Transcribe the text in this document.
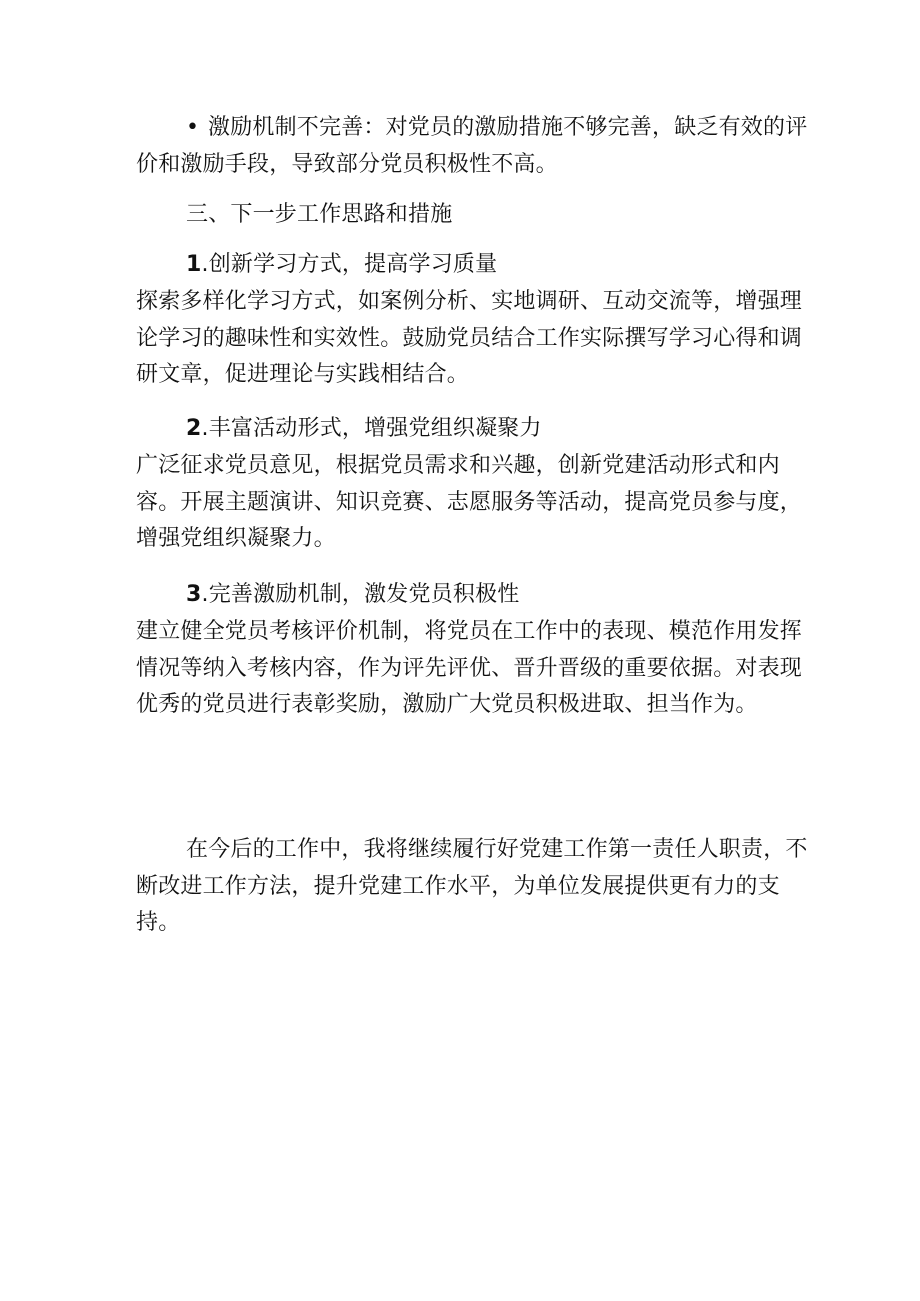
• 激励机制不完善：对党员的激励措施不够完善，缺乏有效的评价和激励手段，导致部分党员积极性不高。

三、下一步工作思路和措施

1.创新学习方式，提高学习质量

探索多样化学习方式，如案例分析、实地调研、互动交流等，增强理论学习的趣味性和实效性。鼓励党员结合工作实际撰写学习心得和调研文章，促进理论与实践相结合。

2.丰富活动形式，增强党组织凝聚力

广泛征求党员意见，根据党员需求和兴趣，创新党建活动形式和内容。开展主题演讲、知识竞赛、志愿服务等活动，提高党员参与度，增强党组织凝聚力。

3.完善激励机制，激发党员积极性

建立健全党员考核评价机制，将党员在工作中的表现、模范作用发挥情况等纳入考核内容，作为评先评优、晋升晋级的重要依据。对表现优秀的党员进行表彰奖励，激励广大党员积极进取、担当作为。

在今后的工作中，我将继续履行好党建工作第一责任人职责，不断改进工作方法，提升党建工作水平，为单位发展提供更有力的支持。
